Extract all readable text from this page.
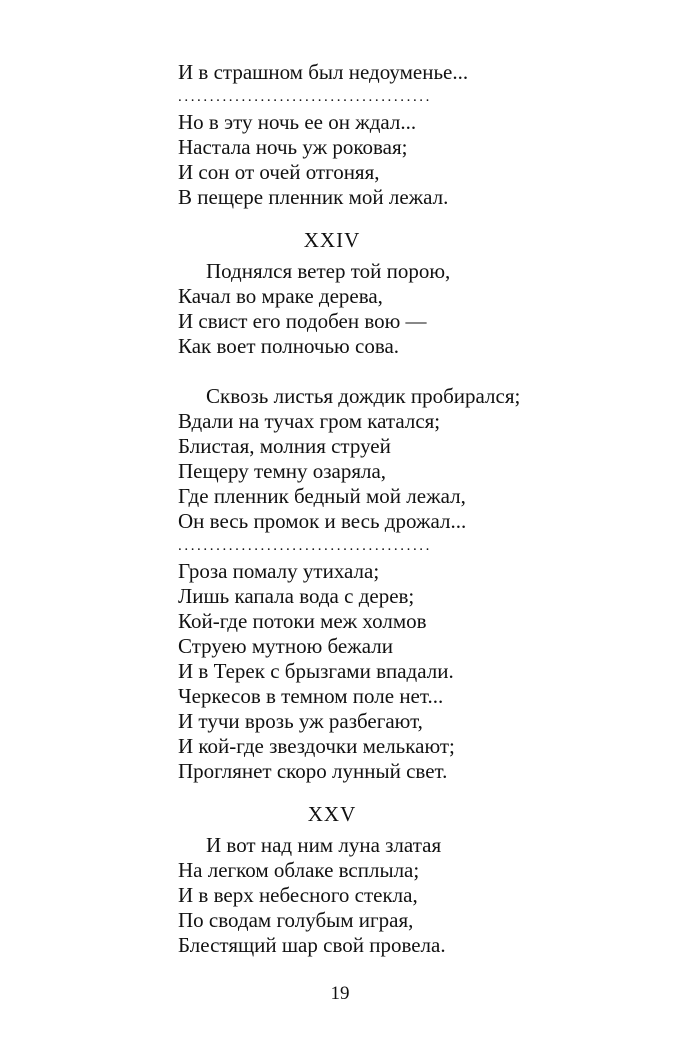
И в страшном был недоуменье...
........................................
Но в эту ночь ее он ждал...
Настала ночь уж роковая;
И сон от очей отгоняя,
В пещере пленник мой лежал.
XXIV
Поднялся ветер той порою,
Качал во мраке дерева,
И свист его подобен вою —
Как воет полночью сова.
Сквозь листья дождик пробирался;
Вдали на тучах гром катался;
Блистая, молния струей
Пещеру темну озаряла,
Где пленник бедный мой лежал,
Он весь промок и весь дрожал...
........................................
Гроза помалу утихала;
Лишь капала вода с дерев;
Кой-где потоки меж холмов
Струею мутною бежали
И в Терек с брызгами впадали.
Черкесов в темном поле нет...
И тучи врозь уж разбегают,
И кой-где звездочки мелькают;
Проглянет скоро лунный свет.
XXV
И вот над ним луна златая
На легком облаке всплыла;
И в верх небесного стекла,
По сводам голубым играя,
Блестящий шар свой провела.
19
